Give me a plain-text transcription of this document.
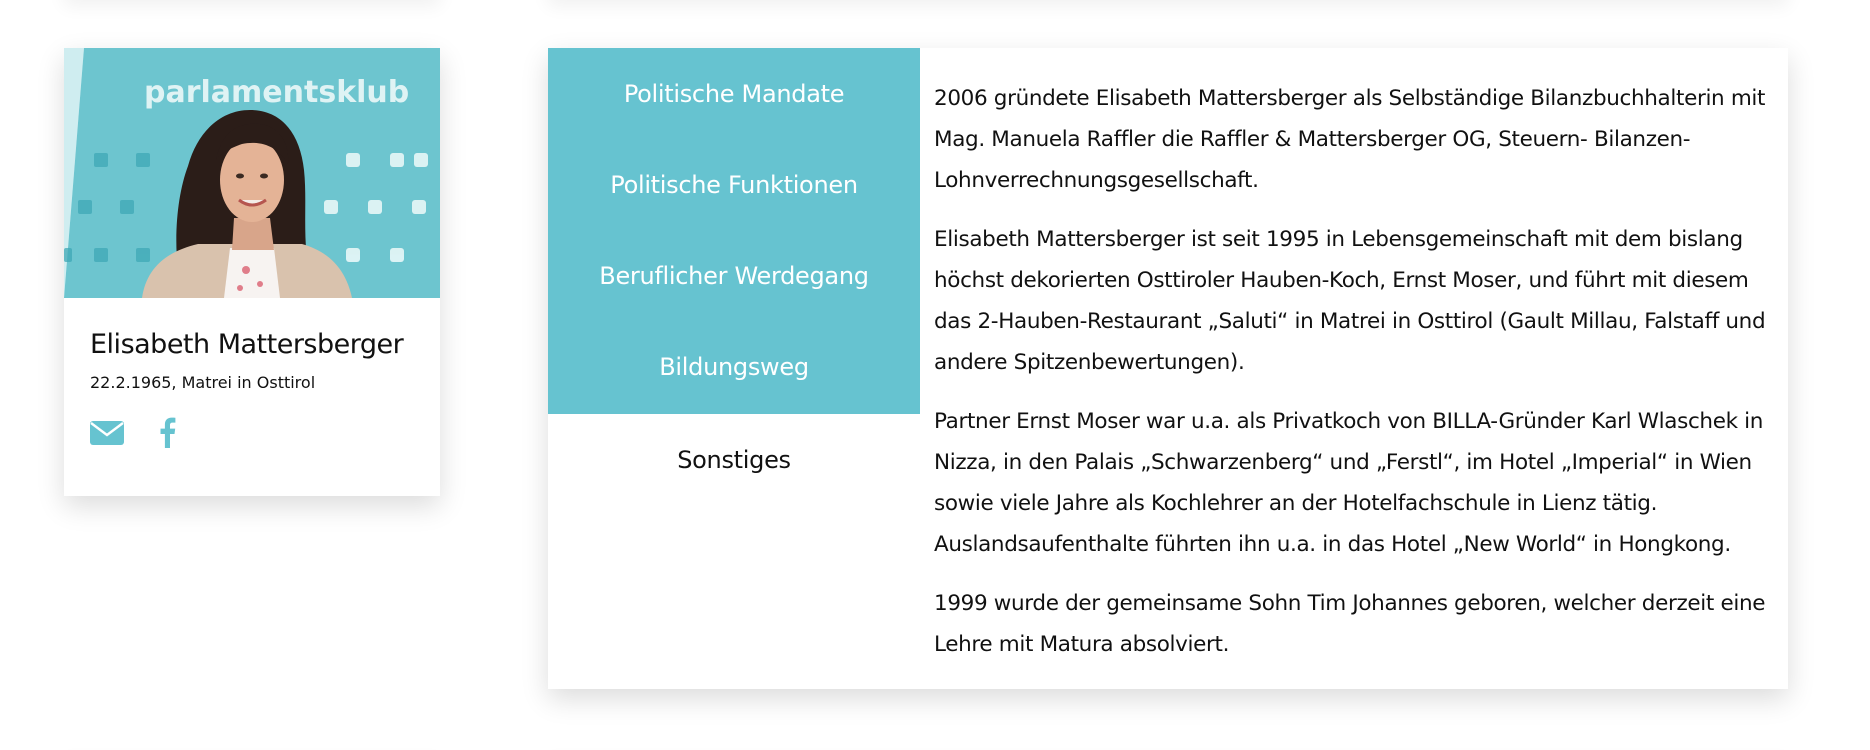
parlamentsklub
Elisabeth Mattersberger
22.2.1965, Matrei in Osttirol
Politische Mandate
Politische Funktionen
Beruflicher Werdegang
Bildungsweg
Sonstiges

2006 gründete Elisabeth Mattersberger als Selbständige Bilanzbuchhalterin mit Mag. Manuela Raffler die Raffler & Mattersberger OG, Steuern- Bilanzen-Lohnverrechnungsgesellschaft.

Elisabeth Mattersberger ist seit 1995 in Lebensgemeinschaft mit dem bislang höchst dekorierten Osttiroler Hauben-Koch, Ernst Moser, und führt mit diesem das 2-Hauben-Restaurant „Saluti“ in Matrei in Osttirol (Gault Millau, Falstaff und andere Spitzenbewertungen).

Partner Ernst Moser war u.a. als Privatkoch von BILLA-Gründer Karl Wlaschek in Nizza, in den Palais „Schwarzenberg“ und „Ferstl“, im Hotel „Imperial“ in Wien sowie viele Jahre als Kochlehrer an der Hotelfachschule in Lienz tätig. Auslandsaufenthalte führten ihn u.a. in das Hotel „New World“ in Hongkong.

1999 wurde der gemeinsame Sohn Tim Johannes geboren, welcher derzeit eine Lehre mit Matura absolviert.
